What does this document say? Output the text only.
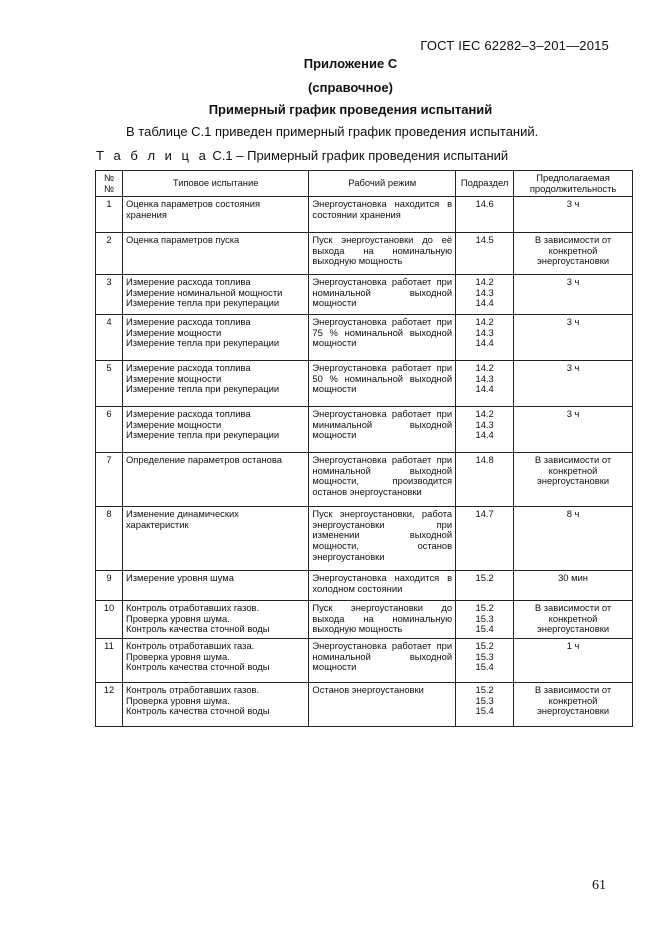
ГОСТ IEC 62282–3–201—2015
Приложение С
(справочное)
Примерный график проведения испытаний
В таблице С.1 приведен примерный график проведения испытаний.
Т а б л и ц а С.1 – Примерный график проведения испытаний
№№	Типовое испытание	Рабочий режим	Подраздел	Предполагаемая продолжительность
1	Оценка параметров состояния
хранения	Энергоустановка находится в состоянии хранения	14.6	3 ч
2	Оценка параметров пуска	Пуск энергоустановки до её выхода на номинальную выходную мощность	14.5	В зависимости от конкретной энергоустановки
3	Измерение расхода топлива
Измерение номинальной мощности
Измерение тепла при рекуперации	Энергоустановка работает при номинальной выходной мощности	14.2
14.3
14.4	3 ч
4	Измерение расхода топлива
Измерение мощности
Измерение тепла при рекуперации	Энергоустановка работает при 75 % номинальной выходной мощности	14.2
14.3
14.4	3 ч
5	Измерение расхода топлива
Измерение мощности
Измерение тепла при рекуперации	Энергоустановка работает при 50 % номинальной выходной мощности	14.2
14.3
14.4	3 ч
6	Измерение расхода топлива
Измерение мощности
Измерение тепла при рекуперации	Энергоустановка работает при минимальной выходной мощности	14.2
14.3
14.4	3 ч
7	Определение параметров останова	Энергоустановка работает при номинальной выходной мощности, производится останов энергоустановки	14.8	В зависимости от конкретной энергоустановки
8	Изменение динамических
характеристик	Пуск энергоустановки, работа энергоустановки при изменении выходной мощности, останов энергоустановки	14.7	8 ч
9	Измерение уровня шума	Энергоустановка находится в холодном состоянии	15.2	30 мин
10	Контроль отработавших газов.
Проверка уровня шума.
Контроль качества сточной воды	Пуск энергоустановки до выхода на номинальную выходную мощность	15.2
15.3
15.4	В зависимости от конкретной энергоустановки
11	Контроль отработавших газа.
Проверка уровня шума.
Контроль качества сточной воды	Энергоустановка работает при номинальной выходной мощности	15.2
15.3
15.4	1 ч
12	Контроль отработавших газов.
Проверка уровня шума.
Контроль качества сточной воды	Останов энергоустановки	15.2
15.3
15.4	В зависимости от конкретной энергоустановки
61
